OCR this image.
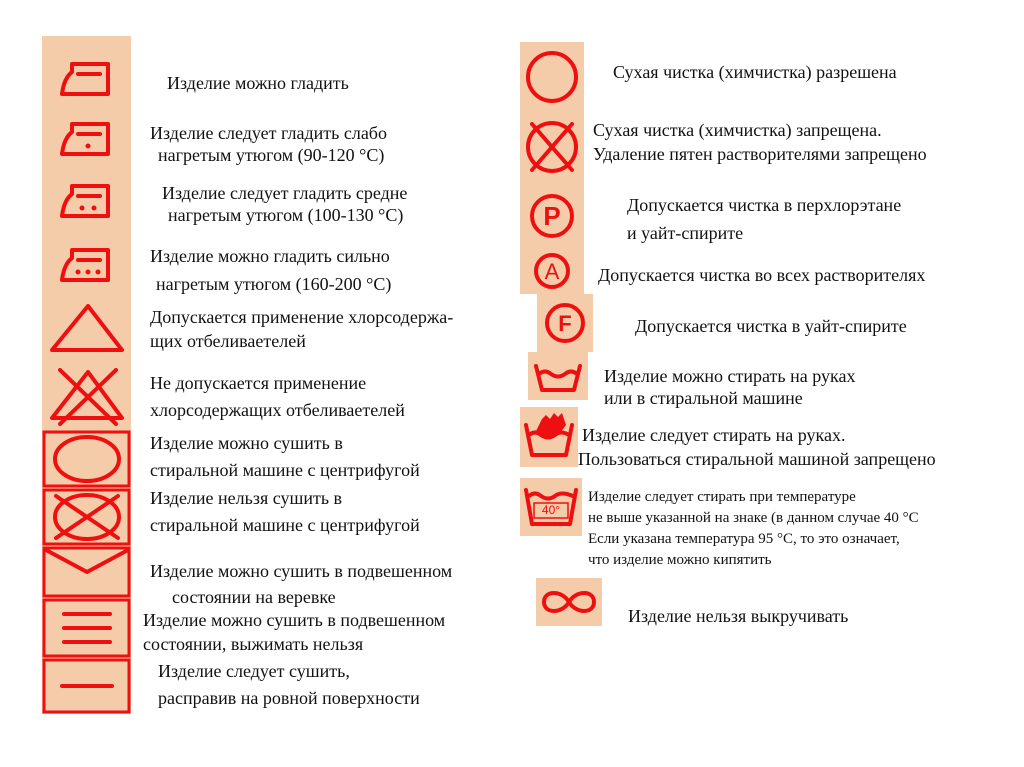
Изделие можно гладить
Изделие следует гладить слабо
нагретым утюгом (90-120 °С)
Изделие следует гладить средне
нагретым утюгом (100-130 °С)
Изделие можно гладить сильно
нагретым утюгом (160-200 °С)
Допускается применение хлорсодержа-
щих отбеливаетелей
Не допускается применение
хлорсодержащих отбеливаетелей
Изделие можно сушить в
стиральной машине с центрифугой
Изделие нельзя сушить в
стиральной машине с центрифугой
Изделие можно сушить в подвешенном
состоянии на веревке
Изделие можно сушить в подвешенном
состоянии, выжимать нельзя
Изделие следует сушить,
расправив на ровной поверхности
P
A
F
40°
Сухая чистка (химчистка) разрешена
Сухая чистка (химчистка) запрещена.
Удаление пятен растворителями запрещено
Допускается чистка в перхлорэтане
и уайт-спирите
Допускается чистка во всех растворителях
Допускается чистка в уайт-спирите
Изделие можно стирать на руках
или в стиральной машине
Изделие следует стирать на руках.
Пользоваться стиральной машиной запрещено
Изделие следует стирать при температуре
не выше указанной на знаке (в данном случае 40 °С
Если указана температура 95 °С, то это означает,
что изделие можно кипятить
Изделие нельзя выкручивать
